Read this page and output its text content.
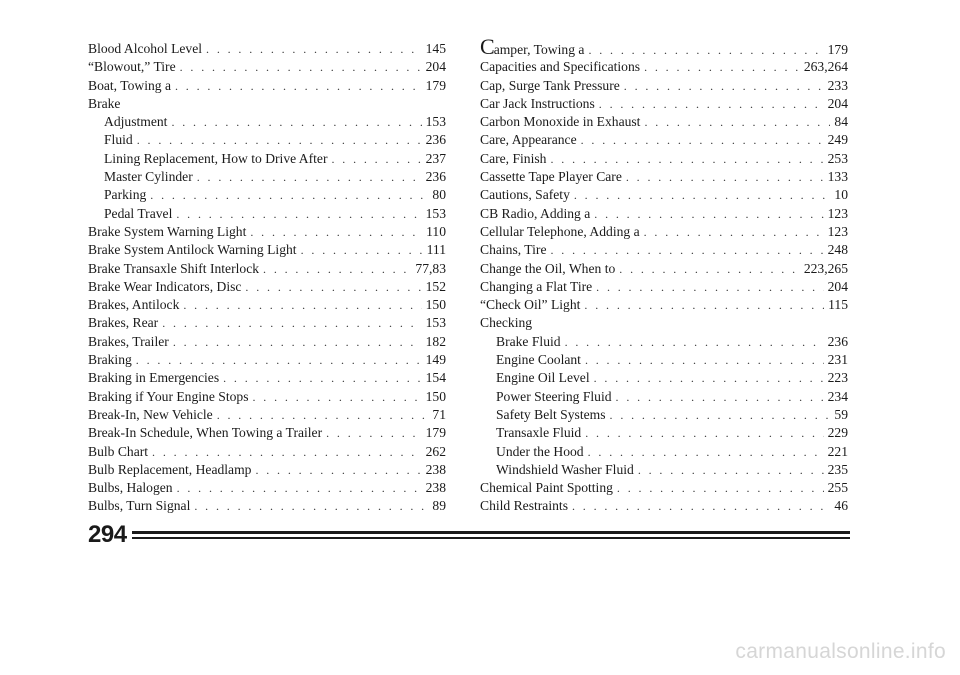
Blood Alcohol Level . . .	145
“Blowout,” Tire . . .	204
Boat, Towing a . . .	179
Brake
Adjustment . . .	153
Fluid . . .	236
Lining Replacement, How to Drive After . . .	237
Master Cylinder . . .	236
Parking . . .	80
Pedal Travel . . .	153
Brake System Warning Light . . .	110
Brake System Antilock Warning Light . . .	111
Brake Transaxle Shift Interlock . . .	77,83
Brake Wear Indicators, Disc . . .	152
Brakes, Antilock . . .	150
Brakes, Rear . . .	153
Brakes, Trailer . . .	182
Braking . . .	149
Braking in Emergencies . . .	154
Braking if Your Engine Stops . . .	150
Break-In, New Vehicle . . .	71
Break-In Schedule, When Towing a Trailer . . .	179
Bulb Chart . . .	262
Bulb Replacement, Headlamp . . .	238
Bulbs, Halogen . . .	238
Bulbs, Turn Signal . . .	89
Camper, Towing a . . .	179
Capacities and Specifications . . .	263,264
Cap, Surge Tank Pressure . . .	233
Car Jack Instructions . . .	204
Carbon Monoxide in Exhaust . . .	84
Care, Appearance . . .	249
Care, Finish . . .	253
Cassette Tape Player Care . . .	133
Cautions, Safety . . .	10
CB Radio, Adding a . . .	123
Cellular Telephone, Adding a . . .	123
Chains, Tire . . .	248
Change the Oil, When to . . .	223,265
Changing a Flat Tire . . .	204
“Check Oil” Light . . .	115
Checking
Brake Fluid . . .	236
Engine Coolant . . .	231
Engine Oil Level . . .	223
Power Steering Fluid . . .	234
Safety Belt Systems . . .	59
Transaxle Fluid . . .	229
Under the Hood . . .	221
Windshield Washer Fluid . . .	235
Chemical Paint Spotting . . .	255
Child Restraints . . .	46
294
carmanualsonline.info
